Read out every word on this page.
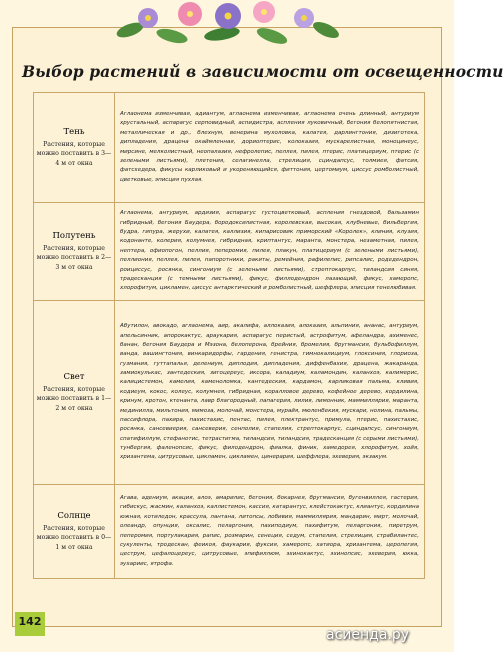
Выбор растений в зависимости от освещенности
Тень
Растения, которые можно поставить в 3—4 м от окна	Аглаонема изменчивая, адиантум, аглаонема изменчивая, аглаонема очень длинный, антуриум хрустальный, аспарагус серповидный, аспидистра, аспления луковичный, бегония белопятнистая, металлическая и др., блехнум, венерина мухоловка, калатея, дарлингтония, дизиготека, дипладения, драцена окаймленная, дориоптерис, колоказия, мускарелистная, моноцинеус, мирсине, мелколистный, неопалазия, нефролепис, пеллея, пилея, птерис, платицериум, птерис (с зелеными листьями), плетения, селагинелла, стрелиция, сциндапсус, толмиея, фатсия, фатсхедера, фикусы карликовый и укореняющийся, фиттония, цертомиум, циссус ромболистный, цветковые, эписция пухлая.

Полутень
Растения, которые можно поставить в 2—3 м от окна	Аглаонема, антуриум, ардизия, аспарагус густоцветковый, аспления гнездовой, бальзамин гибридный, бегония Баудера, бородоксилистная, королевская, высокая, клубневые, бильбергия, будра, гипура, жерухи, калатея, каллизия, кипарисовик приморский «Королек», клиния, клузия, кодонанте, колерия, колумнея, гибридная, криптантус, маранта, монстера, незаметная, пилея, нептера, офиопогон, пеллия, пеперомия, пилея, плакун, платицериум (с зелеными листьями), пеллиония, пеллея, пилея, папоротники, ракиты, ремейния, рафилепис, рипсалис, родедендрон, роициссус, росянка, сингониум (с зелеными листьями), стрептокарпус, тиландсия синяя, традесканция (с темными листьями), фикус, филлодендрон лазающий, фикус, хамеропс, хлорофитум, цикламен, циссус антарктический и ромболистный, шеффлера, эписция тенелюбивая.

Свет
Растения, которые можно поставить в 1—2 м от окна	Абутилон, авокадо, аглаонема, аир, акалифа, аллоказия, алоказия, альпиния, ананас, антуриум, апельсинник, апорокактус, араукария, аспарагус перистый, астрофитум, афеландра, ахименес, банан, бегония Баудера и Мэзона, белоперона, брейния, бромелия, бругмансия, бульбофиллум, ванда, вашингтония, винкаридорфы, гардения, генистра, гимнокалициум, глоксиния, глориоза, гузмания, гуттапалья, делениум, диплодия, дипладения, диффенбахия, драцена, жакаранда, замиокулькас, зантедеския, зигоцереус, иксора, каладиум, каламондин, каланхоэ, калимерис, калицистемон, камелия, каменоломка, кантедеския, кардамон, карликовая пальма, кливия, кодиеум, кокос, колеус, колумнея, гибридная, коралловое дерево, кофейное дерево, кордилина, кринум, кротон, ктенанта, лавр благородный, лапагерия, лилия, лимонник, маммиллярия, маранта, мединилла, мильтония, мимоза, молочай, монстера, мурайя, мюленбекия, мускари, нолина, пальмы, пассифлора, пахира, пахистахис, пентас, пилея, плектрантус, примула, птерис, пахистахис, росянка, сансевиерия, сансеверия, сенполия, стапелия, стрептокарпус, сциндапсус, сингониум, спатифиллум, стефанотис, тетрастигма, тиландсия, тиландсия, традесканция (с серыми листьями), тунбергия, фаленопсис, фикус, филодендрон, фиалка, финик, хамедорея, хлорофитум, хойя, хризантема, цитрусовые, цикламен, цикламен, цинерария, шеффлера, эхеверия, экзакум.

Солнце
Растения, которые можно поставить в 0—1 м от окна	Агава, адениум, акация, алоэ, амарилис, бегония, бокарнея, бругмансия, бугенвиллея, гастерия, гибискус, жасмин, каланхоэ, каллистемон, кассия, катарантус, клейстокактус, клиантус, кордилина южная, котиледон, крассула, лантана, литопсы, лобивия, маммиллярия, мандарин, мирт, молочай, олеандр, опунция, оксалис, пеларгония, пахиподиум, пахифитум, пеларгония, пиретрум, пеперомия, портулакария, рапис, розмарин, сенеция, седум, стапелия, стрелиция, страбилантес, сукуленты, тродескан, феикоя, фаукария, фуксия, хамеропс, хатиора, хризантема, церопегия, цеструм, цефалоцереус, цитрусовые, эпифиллюм, эхинокактус, эхинопсис, эхеверия, юкка, эухариис, ятрофа.
142
асиенда.ру
